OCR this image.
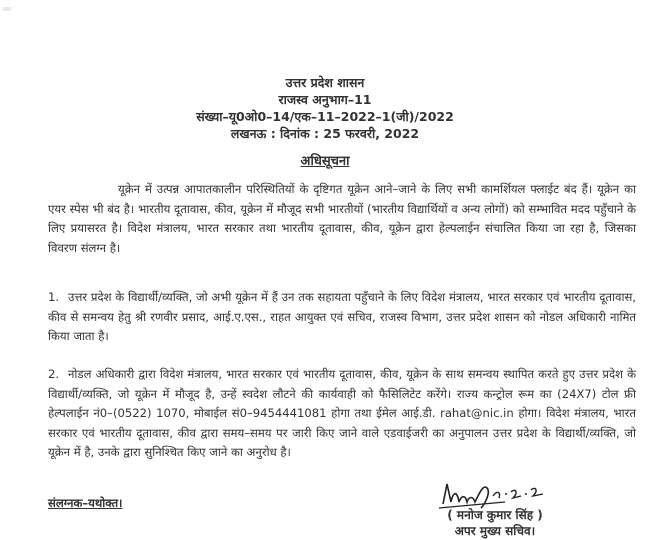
उत्तर प्रदेश शासन
राजस्व अनुभाग–11
संख्या–यू0ओ0–14/एक–11–2022–1(जी)/2022
लखनऊ : दिनांक : 25 फरवरी, 2022
अधिसूचना
यूक्रेन में उत्पन्न आपातकालीन परिस्थितियों के दृष्टिगत यूक्रेन आने–जाने के लिए सभी कामर्शियल फ्लाईट बंद हैं। यूक्रेन का एयर स्पेस भी बंद है। भारतीय दूतावास, कीव, यूक्रेन में मौजूद सभी भारतीयों (भारतीय विद्यार्थियों व अन्य लोगों) को सम्भावित मदद पहुँचाने के लिए प्रयासरत है। विदेश मंत्रालय, भारत सरकार तथा भारतीय दूतावास, कीव, यूक्रेन द्वारा हेल्पलाईन संचालित किया जा रहा है, जिसका विवरण संलग्न है।
1. उत्तर प्रदेश के विद्यार्थी/व्यक्ति, जो अभी यूक्रेन में हैं उन तक सहायता पहुँचाने के लिए विदेश मंत्रालय, भारत सरकार एवं भारतीय दूतावास, कीव से समन्वय हेतु श्री रणवीर प्रसाद, आई.ए.एस., राहत आयुक्त एवं सचिव, राजस्व विभाग, उत्तर प्रदेश शासन को नोडल अधिकारी नामित किया जाता है।
2. नोडल अधिकारी द्वारा विदेश मंत्रालय, भारत सरकार एवं भारतीय दूतावास, कीव, यूक्रेन के साथ समन्वय स्थापित करते हुए उत्तर प्रदेश के विद्यार्थी/व्यक्ति, जो यूक्रेन में मौजूद है, उन्हें स्वदेश लौटने की कार्यवाही को फैसिलिटेट करेंगे। राज्य कन्ट्रोल रूम का (24X7) टोल फ्री हेल्पलाईन नं0–(0522) 1070, मोबाईल सं0–9454441081 होगा तथा ईमेल आई.डी. rahat@nic.in होगा। विदेश मंत्रालय, भारत सरकार एवं भारतीय दूतावास, कीव द्वारा समय–समय पर जारी किए जाने वाले एडवाईजरी का अनुपालन उत्तर प्रदेश के विद्यार्थी/व्यक्ति, जो यूक्रेन में है, उनके द्वारा सुनिश्चित किए जाने का अनुरोध है।
संलग्नक–यथोक्त।
( मनोज कुमार सिंह )
अपर मुख्य सचिव।
